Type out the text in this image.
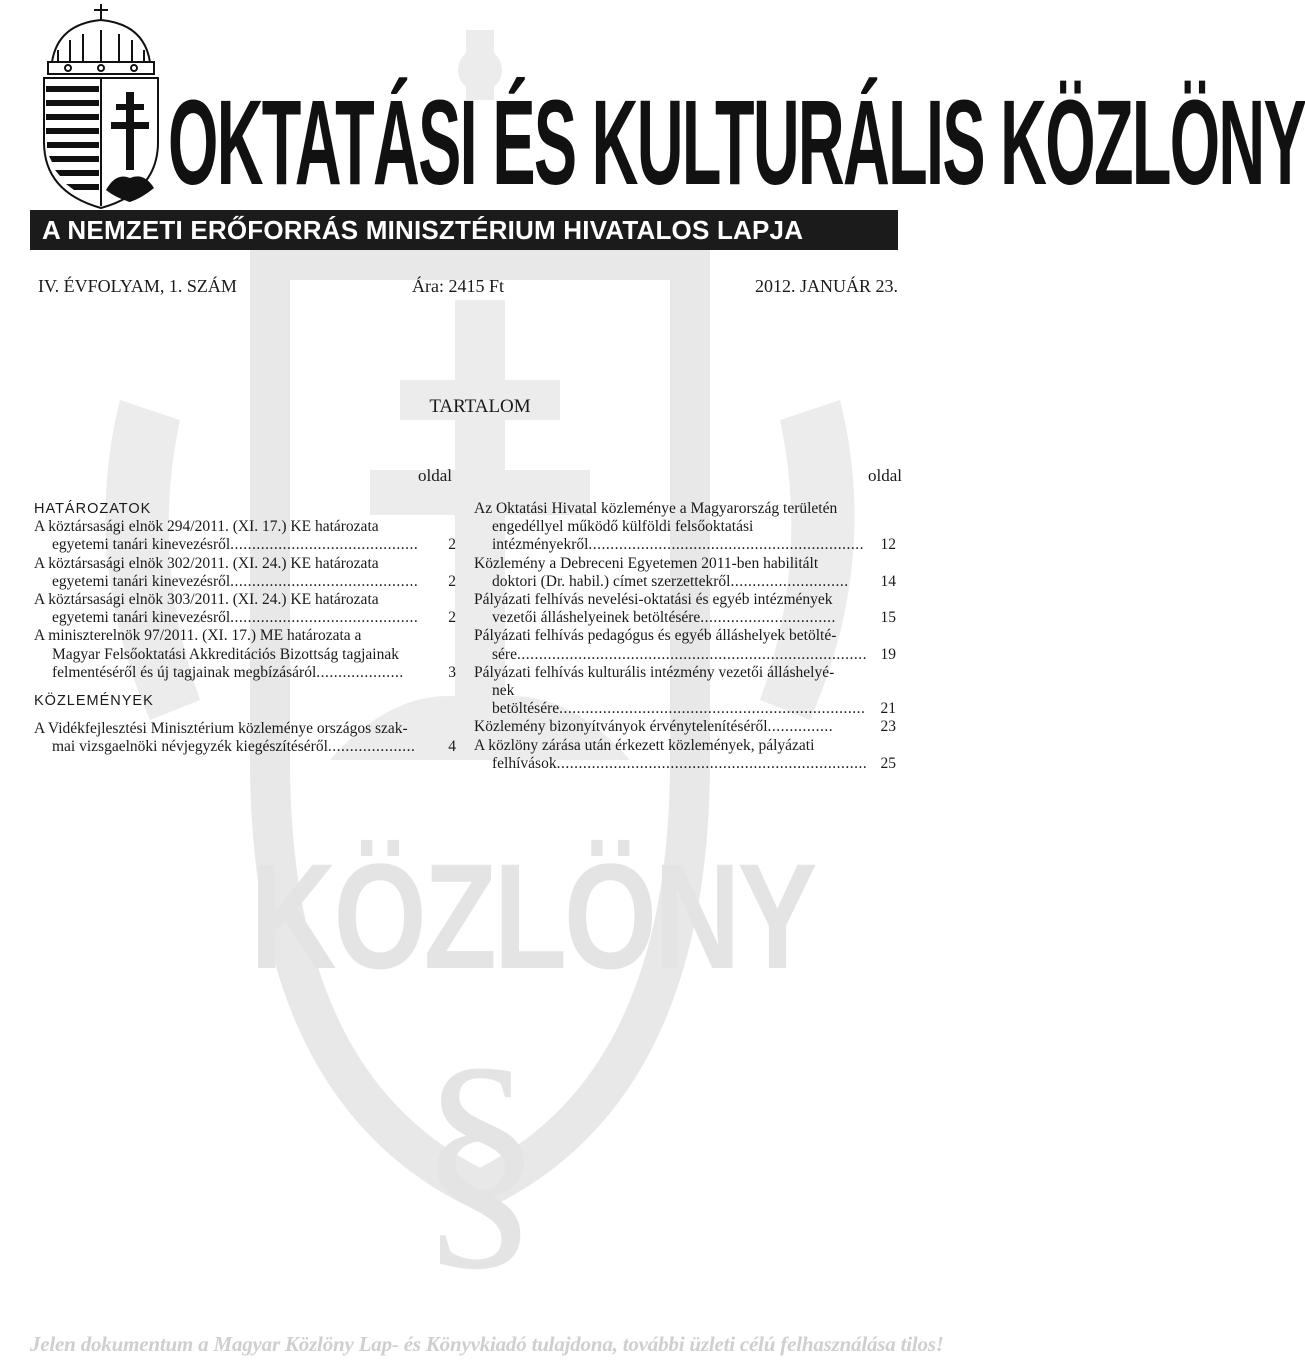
KÖZLÖNY
§
OKTATÁSI ÉS KULTURÁLIS KÖZLÖNY
A NEMZETI ERŐFORRÁS MINISZTÉRIUM HIVATALOS LAPJA
IV. ÉVFOLYAM, 1. SZÁM	Ára: 2415 Ft	2012. JANUÁR 23.
TARTALOM
oldal	oldal
HATÁROZATOK
A köztársasági elnök 294/2011. (XI. 17.) KE határozata
egyetemi tanári kinevezésről...........................................	2
A köztársasági elnök 302/2011. (XI. 24.) KE határozata
egyetemi tanári kinevezésről...........................................	2
A köztársasági elnök 303/2011. (XI. 24.) KE határozata
egyetemi tanári kinevezésről...........................................	2
A miniszterelnök 97/2011. (XI. 17.) ME határozata a
Magyar Felsőoktatási Akkreditációs Bizottság tagjainak felmentéséről és új tagjainak megbízásáról....................	3
KÖZLEMÉNYEK
A Vidékfejlesztési Minisztérium közleménye országos szak-
mai vizsgaelnöki névjegyzék kiegészítéséről....................	4
Az Oktatási Hivatal közleménye a Magyarország területén
engedéllyel működő külföldi felsőoktatási intézményekről............................................................... 12
Közlemény a Debreceni Egyetemen 2011-ben habilitált
doktori (Dr. habil.) címet szerzettekről...........................	14
Pályázati felhívás nevelési-oktatási és egyéb intézmények
vezetői álláshelyeinek betöltésére...............................	15
Pályázati felhívás pedagógus és egyéb álláshelyek betölté-
sére................................................................................ 19
Pályázati felhívás kulturális intézmény vezetői álláshelyé-
nek betöltésére...................................................................... 21
Közlemény bizonyítványok érvénytelenítéséről...............	23
A közlöny zárása után érkezett közlemények, pályázati
felhívások....................................................................... 25
Jelen dokumentum a Magyar Közlöny Lap- és Könyvkiadó tulajdona, további üzleti célú felhasználása tilos!
